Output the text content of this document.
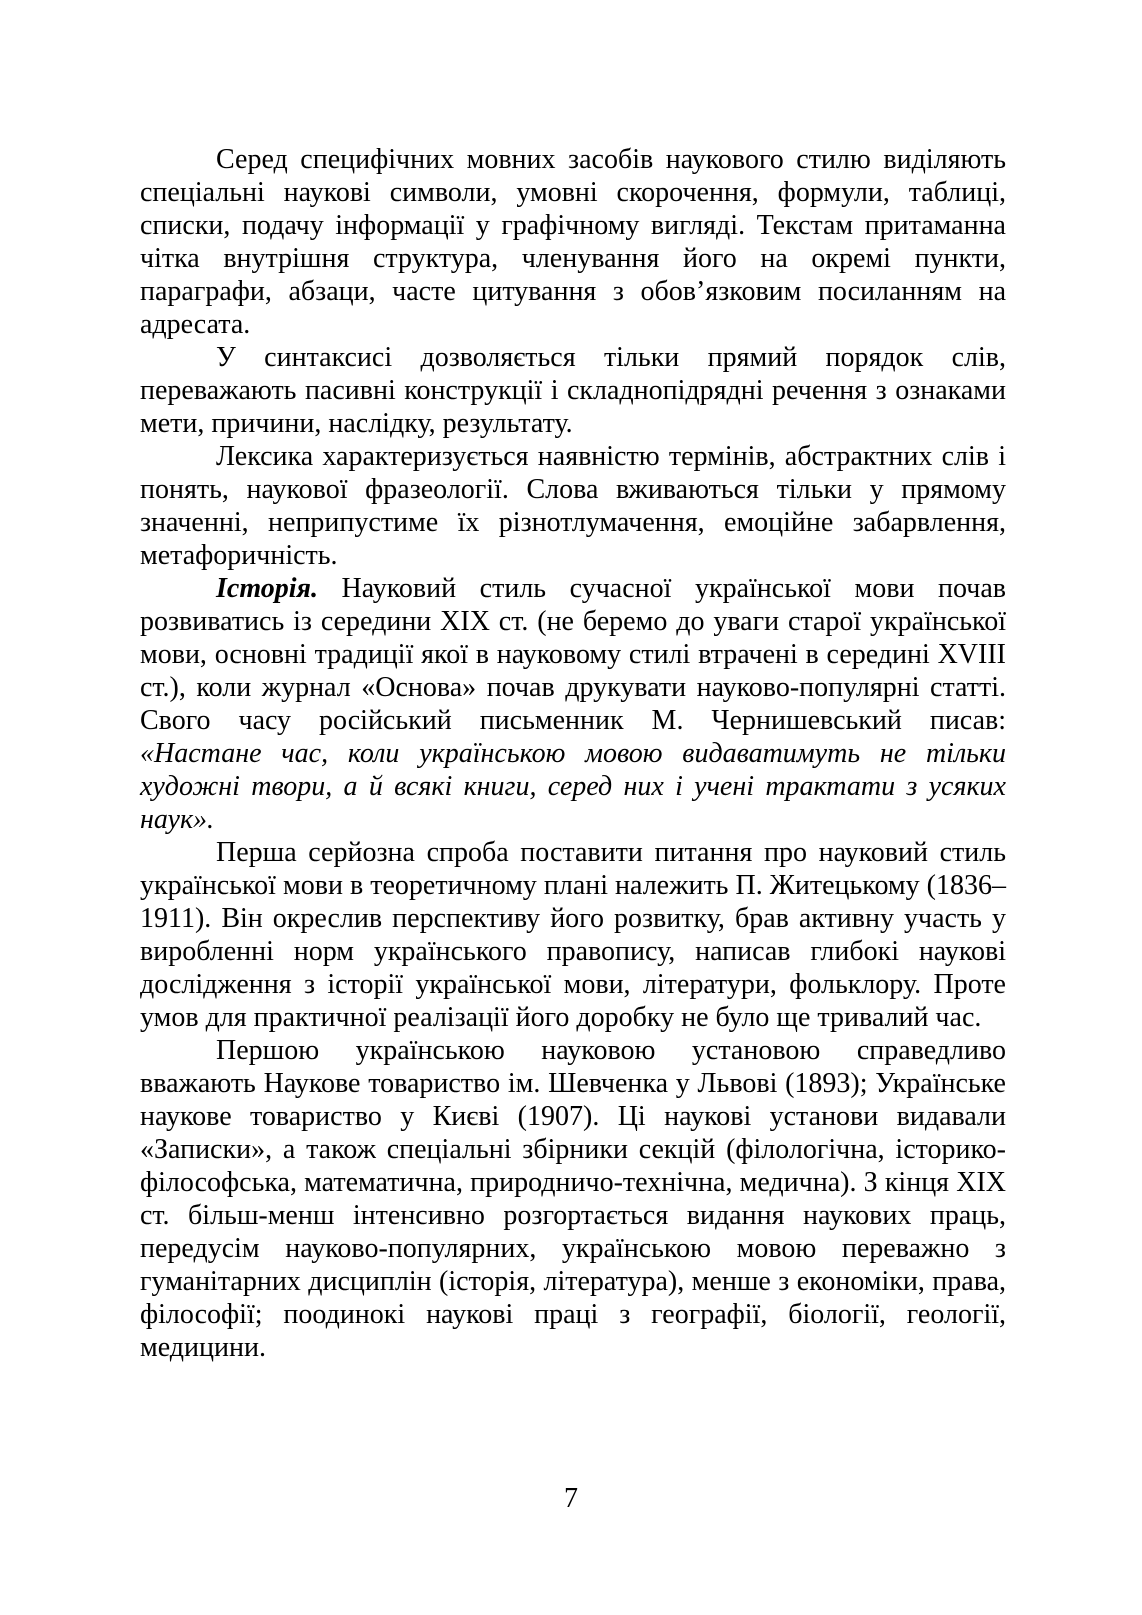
Серед специфічних мовних засобів наукового стилю виділяють спеціальні наукові символи, умовні скорочення, формули, таблиці, списки, подачу інформації у графічному вигляді. Текстам притаманна чітка внутрішня структура, членування його на окремі пункти, параграфи, абзаци, часте цитування з обов’язковим посиланням на адресата.

У синтаксисі дозволяється тільки прямий порядок слів, переважають пасивні конструкції і складнопідрядні речення з ознаками мети, причини, наслідку, результату.

Лексика характеризується наявністю термінів, абстрактних слів і понять, наукової фразеології. Слова вживаються тільки у прямому значенні, неприпустиме їх різнотлумачення, емоційне забарвлення, метафоричність.

Історія. Науковий стиль сучасної української мови почав розвиватись із середини XIX ст. (не беремо до уваги старої української мови, основні традиції якої в науковому стилі втрачені в середині XVIII ст.), коли журнал «Основа» почав друкувати науково-популярні статті. Свого часу російський письменник М. Чернишевський писав: «Настане час, коли українською мовою видаватимуть не тільки художні твори, а й всякі книги, серед них і учені трактати з усяких наук».

Перша серйозна спроба поставити питання про науковий стиль української мови в теоретичному плані належить П. Житецькому (1836–1911). Він окреслив перспективу його розвитку, брав активну участь у виробленні норм українського правопису, написав глибокі наукові дослідження з історії української мови, літератури, фольклору. Проте умов для практичної реалізації його доробку не було ще тривалий час.

Першою українською науковою установою справедливо вважають Наукове товариство ім. Шевченка у Львові (1893); Українське наукове товариство у Києві (1907). Ці наукові установи видавали «Записки», а також спеціальні збірники секцій (філологічна, історико-філософська, математична, природничо-технічна, медична). З кінця XIX ст. більш-менш інтенсивно розгортається видання наукових праць, передусім науково-популярних, українською мовою переважно з гуманітарних дисциплін (історія, література), менше з економіки, права, філософії; поодинокі наукові праці з географії, біології, геології, медицини.

7
